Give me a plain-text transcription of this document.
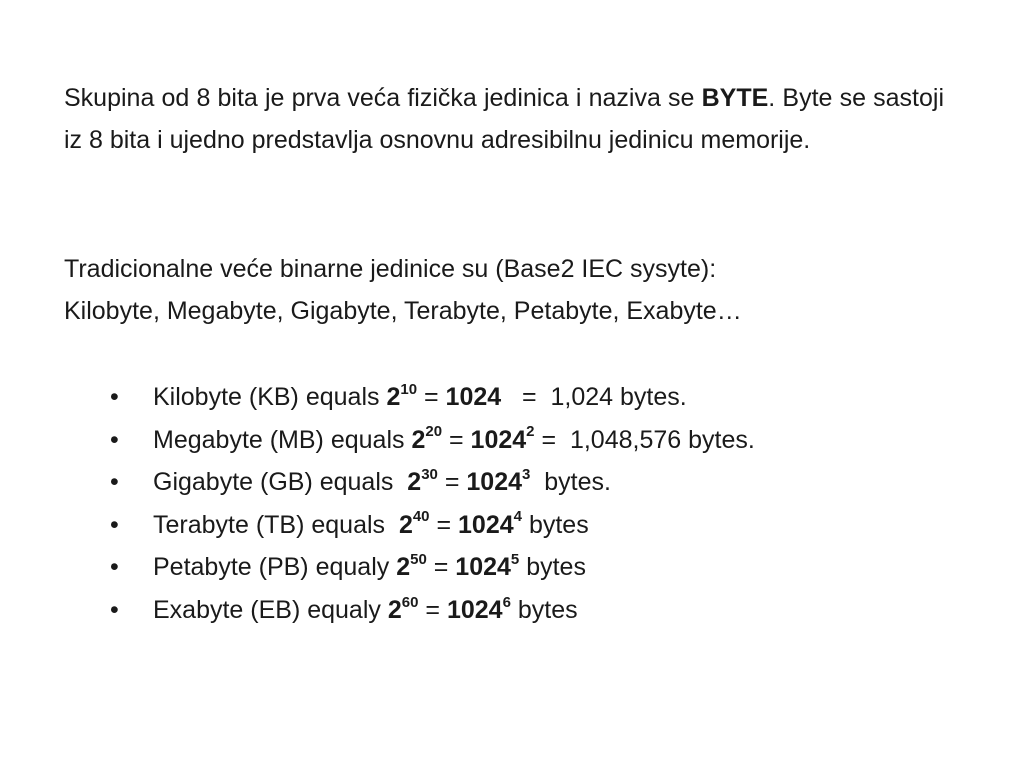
Skupina od 8 bita je prva veća fizička jedinica i naziva se BYTE. Byte se sastoji iz 8 bita i ujedno predstavlja osnovnu adresibilnu jedinicu memorije.

Tradicionalne veće binarne jedinice su (Base2 IEC sysyte):
Kilobyte, Megabyte, Gigabyte, Terabyte, Petabyte, Exabyte…

• Kilobyte (KB) equals $2^{10} = 1024 = 1,024$ bytes.
• Megabyte (MB) equals $2^{20} = 1024^2 = 1,048,576$ bytes.
• Gigabyte (GB) equals  $2^{30} = 1024^3$  bytes.
• Terabyte (TB) equals  $2^{40} = 1024^4$ bytes
• Petabyte (PB) equaly $2^{50} = 1024^5$ bytes
• Exabyte (EB) equaly $2^{60} = 1024^6$ bytes
